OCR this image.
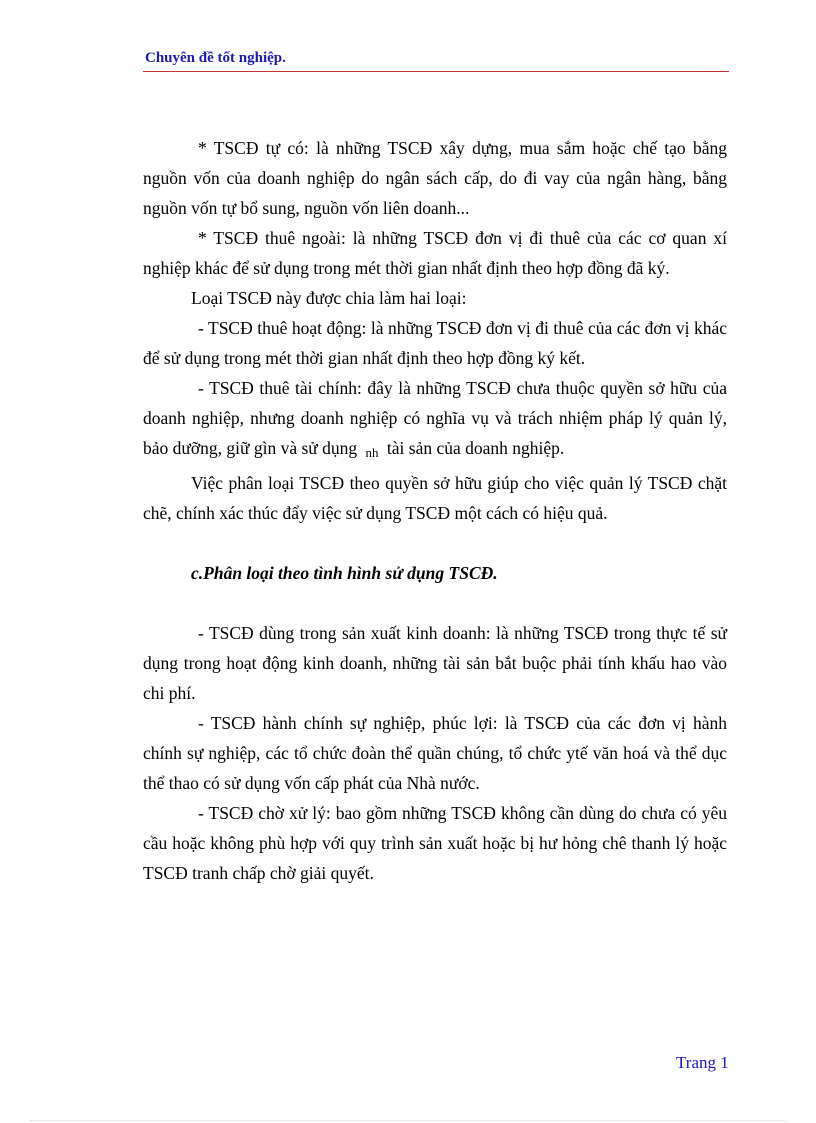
Chuyên đề tốt nghiệp.

* TSCĐ tự có: là những TSCĐ xây dựng, mua sắm hoặc chế tạo bằng nguồn vốn của doanh nghiệp do ngân sách cấp, do đi vay của ngân hàng, bằng nguồn vốn tự bổ sung, nguồn vốn liên doanh...

* TSCĐ thuê ngoài: là những TSCĐ đơn vị đi thuê của các cơ quan xí nghiệp khác để sử dụng trong mét thời gian nhất định theo hợp đồng đã ký.

Loại TSCĐ này được chia làm hai loại:

- TSCĐ thuê hoạt động: là những TSCĐ đơn vị đi thuê của các đơn vị khác để sử dụng trong mét thời gian nhất định theo hợp đồng ký kết.

- TSCĐ thuê tài chính: đây là những TSCĐ chưa thuộc quyền sở hữu của doanh nghiệp, nhưng doanh nghiệp có nghĩa vụ và trách nhiệm pháp lý quản lý, bảo dưỡng, giữ gìn và sử dụng nh tài sản của doanh nghiệp.

Việc phân loại TSCĐ theo quyền sở hữu giúp cho việc quản lý TSCĐ chặt chẽ, chính xác thúc đẩy việc sử dụng TSCĐ một cách có hiệu quả.

c.Phân loại theo tình hình sử dụng TSCĐ.

- TSCĐ dùng trong sản xuất kinh doanh: là những TSCĐ trong thực tế sử dụng trong hoạt động kinh doanh, những tài sản bắt buộc phải tính khấu hao vào chi phí.

- TSCĐ hành chính sự nghiệp, phúc lợi: là TSCĐ của các đơn vị hành chính sự nghiệp, các tổ chức đoàn thể quần chúng, tổ chức ytế văn hoá và thể dục thể thao có sử dụng vốn cấp phát của Nhà nước.

- TSCĐ chờ xử lý: bao gồm những TSCĐ không cần dùng do chưa có yêu cầu hoặc không phù hợp với quy trình sản xuất hoặc bị hư hỏng chê thanh lý hoặc TSCĐ tranh chấp chờ giải quyết.

Trang 1
